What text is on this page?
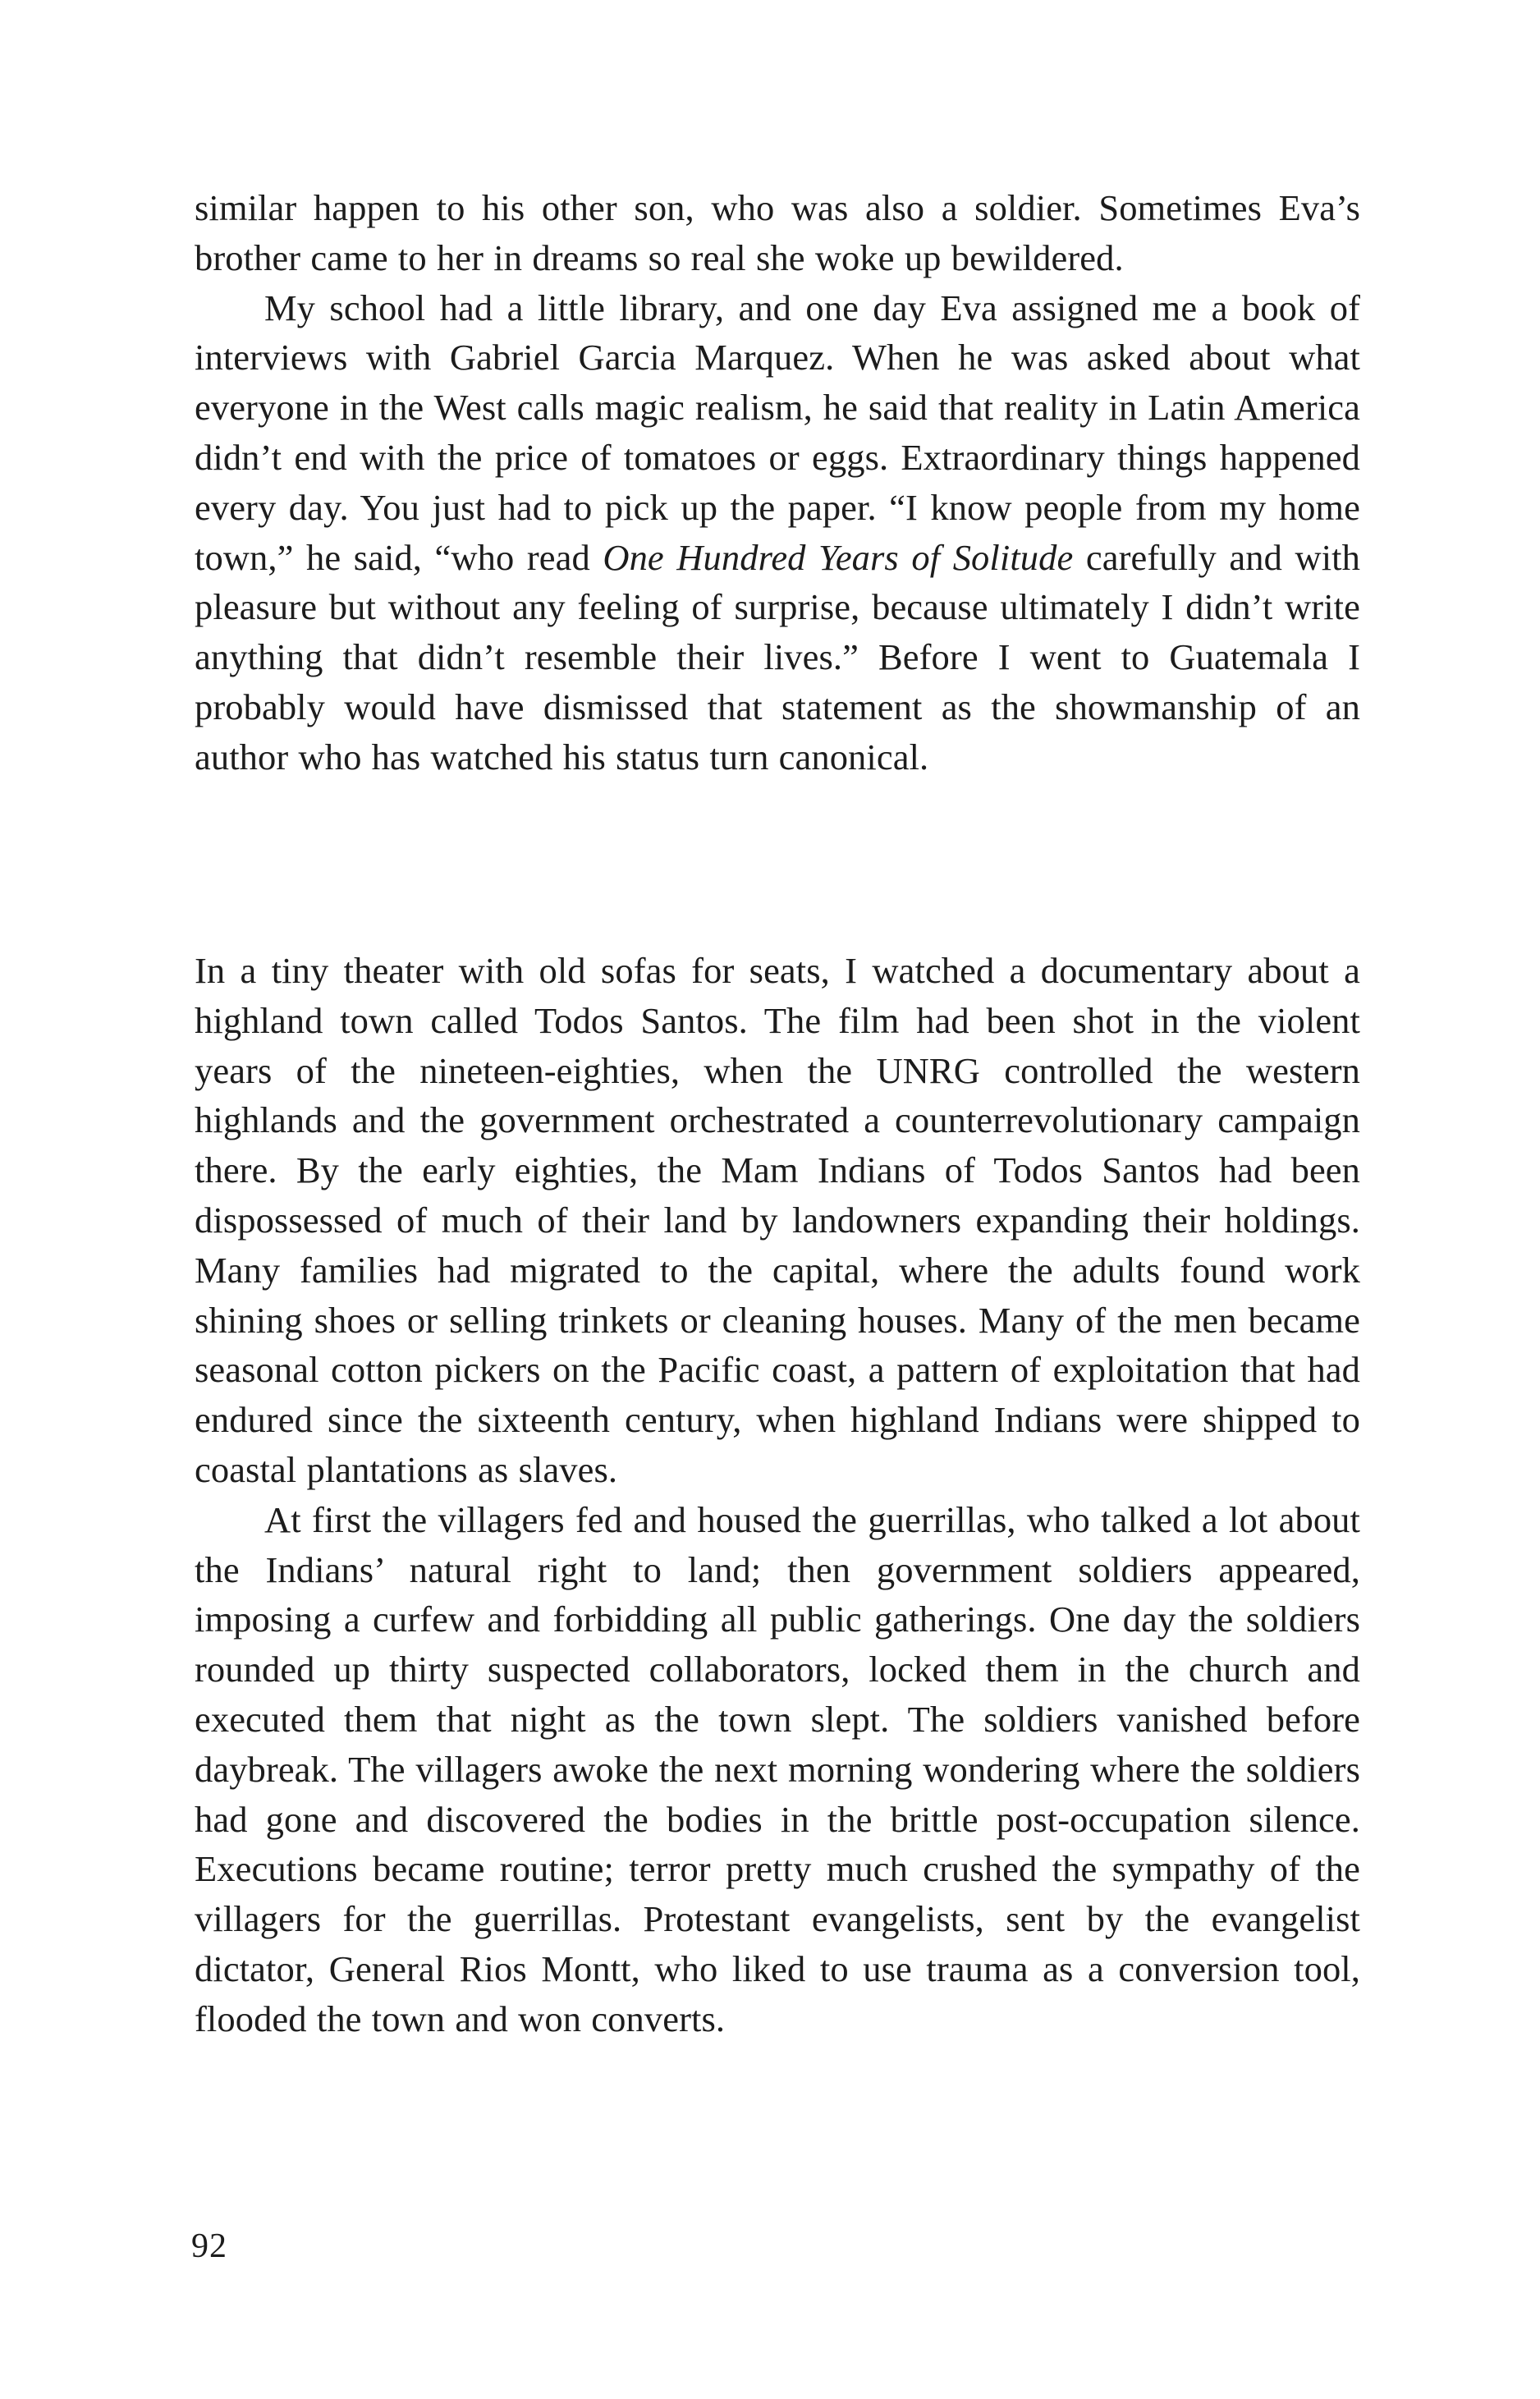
similar happen to his other son, who was also a soldier. Sometimes Eva’s brother came to her in dreams so real she woke up bewildered.

My school had a little library, and one day Eva assigned me a book of interviews with Gabriel Garcia Marquez. When he was asked about what everyone in the West calls magic realism, he said that reality in Latin America didn’t end with the price of tomatoes or eggs. Extraordinary things happened every day. You just had to pick up the paper. “I know people from my home town,” he said, “who read One Hundred Years of Solitude carefully and with pleasure but without any feeling of surprise, because ultimately I didn’t write anything that didn’t resemble their lives.” Before I went to Guatemala I probably would have dismissed that statement as the showmanship of an author who has watched his status turn canonical.

In a tiny theater with old sofas for seats, I watched a documentary about a highland town called Todos Santos. The film had been shot in the violent years of the nineteen-eighties, when the UNRG controlled the western highlands and the government orchestrated a counterrevolutionary campaign there. By the early eighties, the Mam Indians of Todos Santos had been dispossessed of much of their land by landowners expanding their holdings. Many families had migrated to the capital, where the adults found work shining shoes or selling trinkets or cleaning houses. Many of the men became seasonal cotton pickers on the Pacific coast, a pattern of exploitation that had endured since the sixteenth century, when highland Indians were shipped to coastal plantations as slaves.

At first the villagers fed and housed the guerrillas, who talked a lot about the Indians’ natural right to land; then government soldiers appeared, imposing a curfew and forbidding all public gatherings. One day the soldiers rounded up thirty suspected collaborators, locked them in the church and executed them that night as the town slept. The soldiers vanished before daybreak. The villagers awoke the next morning wondering where the soldiers had gone and discovered the bodies in the brittle post-occupation silence. Executions became routine; terror pretty much crushed the sympathy of the villagers for the guerrillas. Protestant evangelists, sent by the evangelist dictator, General Rios Montt, who liked to use trauma as a conversion tool, flooded the town and won converts.

92
